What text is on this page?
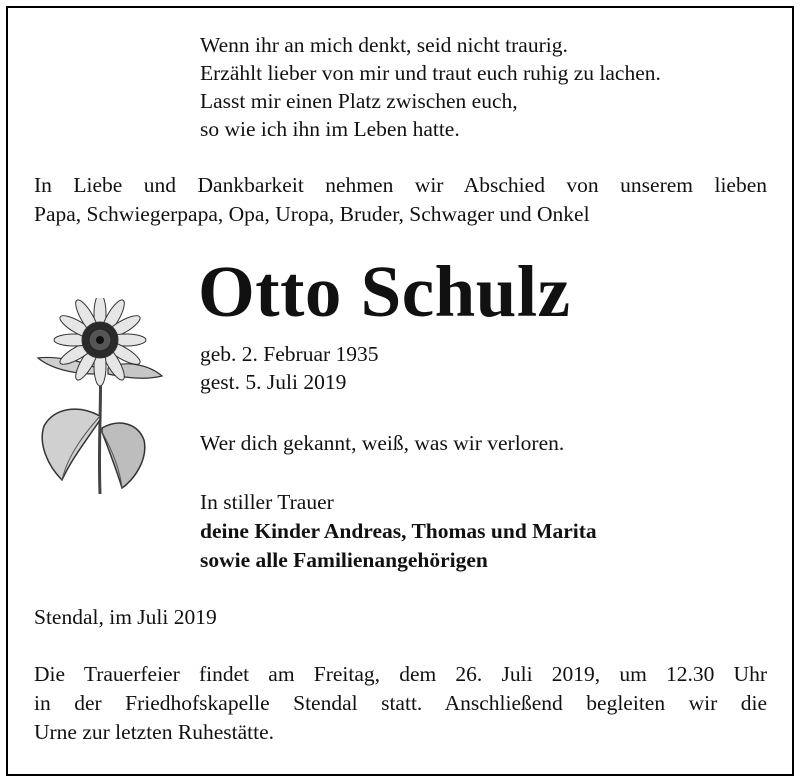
Wenn ihr an mich denkt, seid nicht traurig.
Erzählt lieber von mir und traut euch ruhig zu lachen.
Lasst mir einen Platz zwischen euch,
so wie ich ihn im Leben hatte.
In Liebe und Dankbarkeit nehmen wir Abschied von unserem lieben
Papa, Schwiegerpapa, Opa, Uropa, Bruder, Schwager und Onkel
Otto Schulz
geb. 2. Februar 1935
gest. 5. Juli 2019
Wer dich gekannt, weiß, was wir verloren.
In stiller Trauer
deine Kinder Andreas, Thomas und Marita
sowie alle Familienangehörigen
Stendal, im Juli 2019
Die Trauerfeier findet am Freitag, dem 26. Juli 2019, um 12.30 Uhr
in der Friedhofskapelle Stendal statt. Anschließend begleiten wir die
Urne zur letzten Ruhestätte.
